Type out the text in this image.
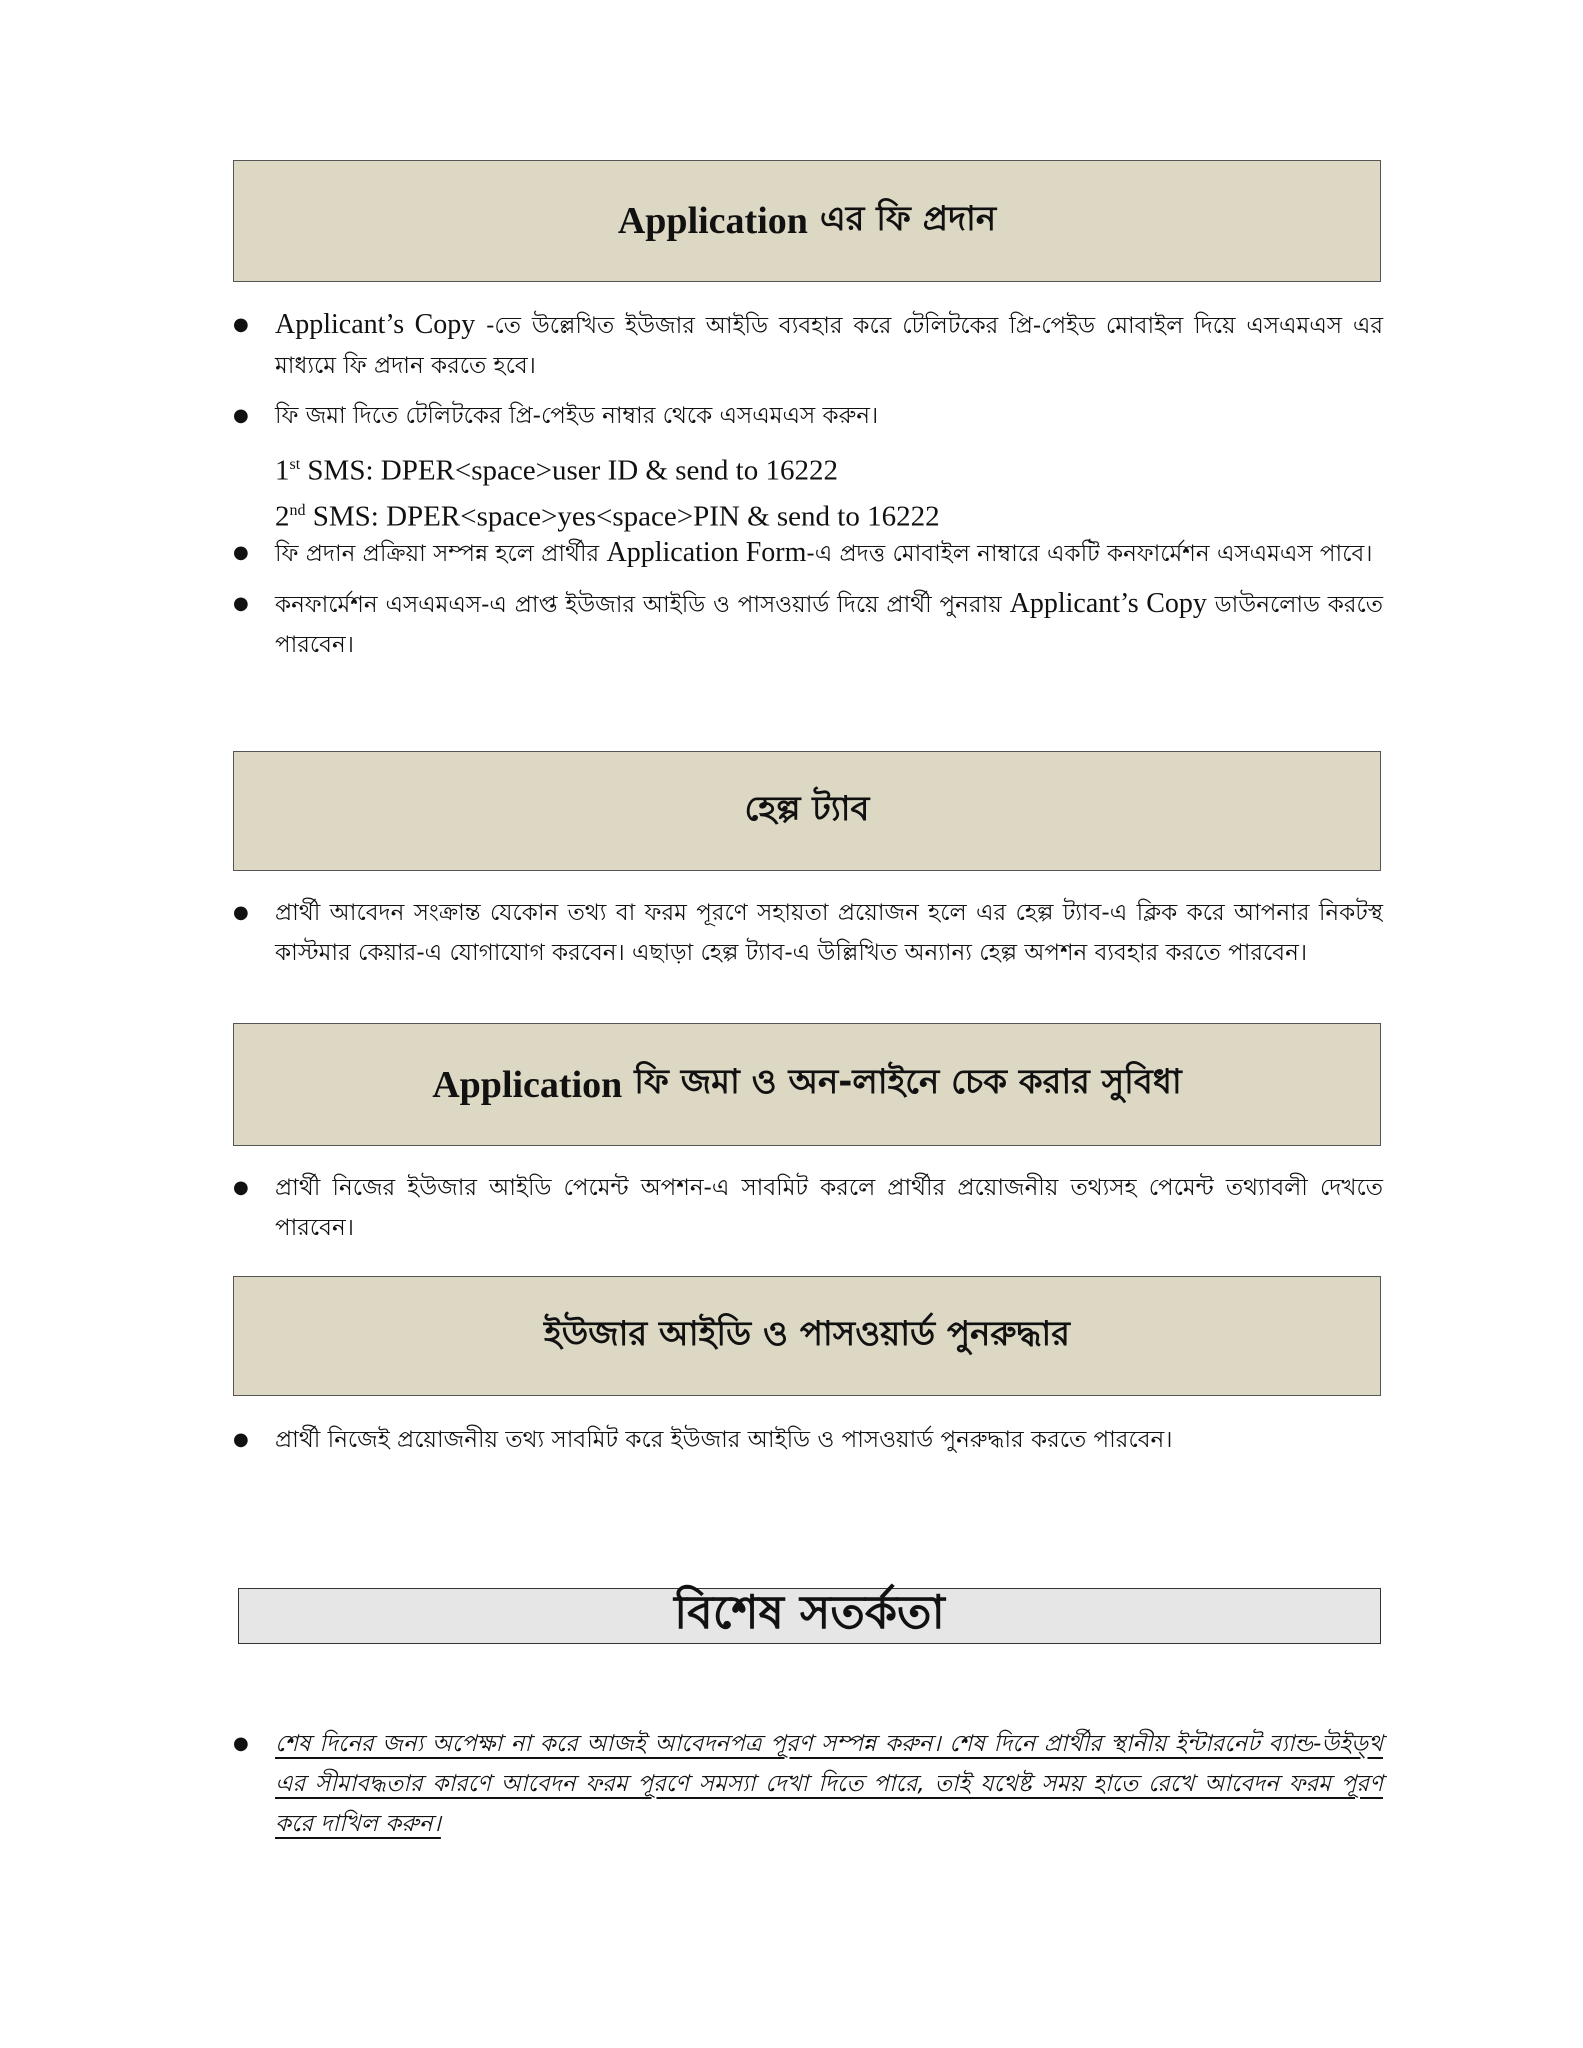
Application এর ফি প্রদান
● Applicant’s Copy -তে উল্লেখিত ইউজার আইডি ব্যবহার করে টেলিটকের প্রি-পেইড মোবাইল দিয়ে এসএমএস এর মাধ্যমে ফি প্রদান করতে হবে।
● ফি জমা দিতে টেলিটকের প্রি-পেইড নাম্বার থেকে এসএমএস করুন।
1st SMS: DPER<space>user ID & send to 16222
2nd SMS: DPER<space>yes<space>PIN & send to 16222
● ফি প্রদান প্রক্রিয়া সম্পন্ন হলে প্রার্থীর Application Form-এ প্রদত্ত মোবাইল নাম্বারে একটি কনফার্মেশন এসএমএস পাবে।
● কনফার্মেশন এসএমএস-এ প্রাপ্ত ইউজার আইডি ও পাসওয়ার্ড দিয়ে প্রার্থী পুনরায় Applicant’s Copy ডাউনলোড করতে পারবেন।
হেল্প ট্যাব
● প্রার্থী আবেদন সংক্রান্ত যেকোন তথ্য বা ফরম পূরণে সহায়তা প্রয়োজন হলে এর হেল্প ট্যাব-এ ক্লিক করে আপনার নিকটস্থ কাস্টমার কেয়ার-এ যোগাযোগ করবেন। এছাড়া হেল্প ট্যাব-এ উল্লিখিত অন্যান্য হেল্প অপশন ব্যবহার করতে পারবেন।
Application ফি জমা ও অন-লাইনে চেক করার সুবিধা
● প্রার্থী নিজের ইউজার আইডি পেমেন্ট অপশন-এ সাবমিট করলে প্রার্থীর প্রয়োজনীয় তথ্যসহ পেমেন্ট তথ্যাবলী দেখতে পারবেন।
ইউজার আইডি ও পাসওয়ার্ড পুনরুদ্ধার
● প্রার্থী নিজেই প্রয়োজনীয় তথ্য সাবমিট করে ইউজার আইডি ও পাসওয়ার্ড পুনরুদ্ধার করতে পারবেন।
বিশেষ সতর্কতা
● শেষ দিনের জন্য অপেক্ষা না করে আজই আবেদনপত্র পূরণ সম্পন্ন করুন। শেষ দিনে প্রার্থীর স্থানীয় ইন্টারনেট ব্যান্ড-উইড্থ এর সীমাবদ্ধতার কারণে আবেদন ফরম পূরণে সমস্যা দেখা দিতে পারে, তাই যথেষ্ট সময় হাতে রেখে আবেদন ফরম পূরণ করে দাখিল করুন।
